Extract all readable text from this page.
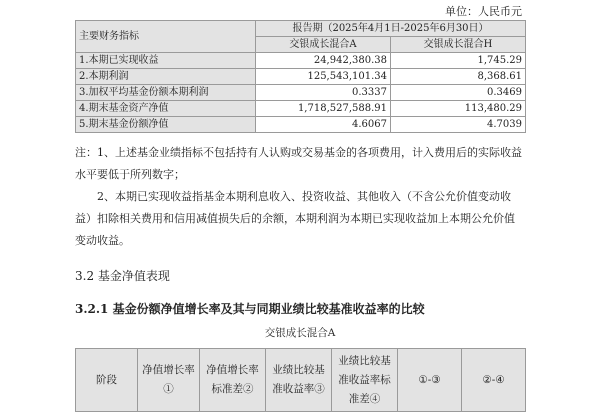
单位：人民币元
主要财务指标	报告期（2025年4月1日-2025年6月30日）	
	交银成长混合A	交银成长混合H
1.本期已实现收益	24,942,380.38	1,745.29
2.本期利润	125,543,101.34	8,368.61
3.加权平均基金份额本期利润	0.3337	0.3469
4.期末基金资产净值	1,718,527,588.91	113,480.29
5.期末基金份额净值	4.6067	4.7039
注：1、上述基金业绩指标不包括持有人认购或交易基金的各项费用，计入费用后的实际收益水平要低于所列数字；
2、本期已实现收益指基金本期利息收入、投资收益、其他收入（不含公允价值变动收益）扣除相关费用和信用减值损失后的余额，本期利润为本期已实现收益加上本期公允价值变动收益。
3.2 基金净值表现
3.2.1 基金份额净值增长率及其与同期业绩比较基准收益率的比较
交银成长混合A
阶段	净值增长率①	净值增长率标准差②	业绩比较基准收益率③	业绩比较基准收益率标准差④	①-③	②-④
